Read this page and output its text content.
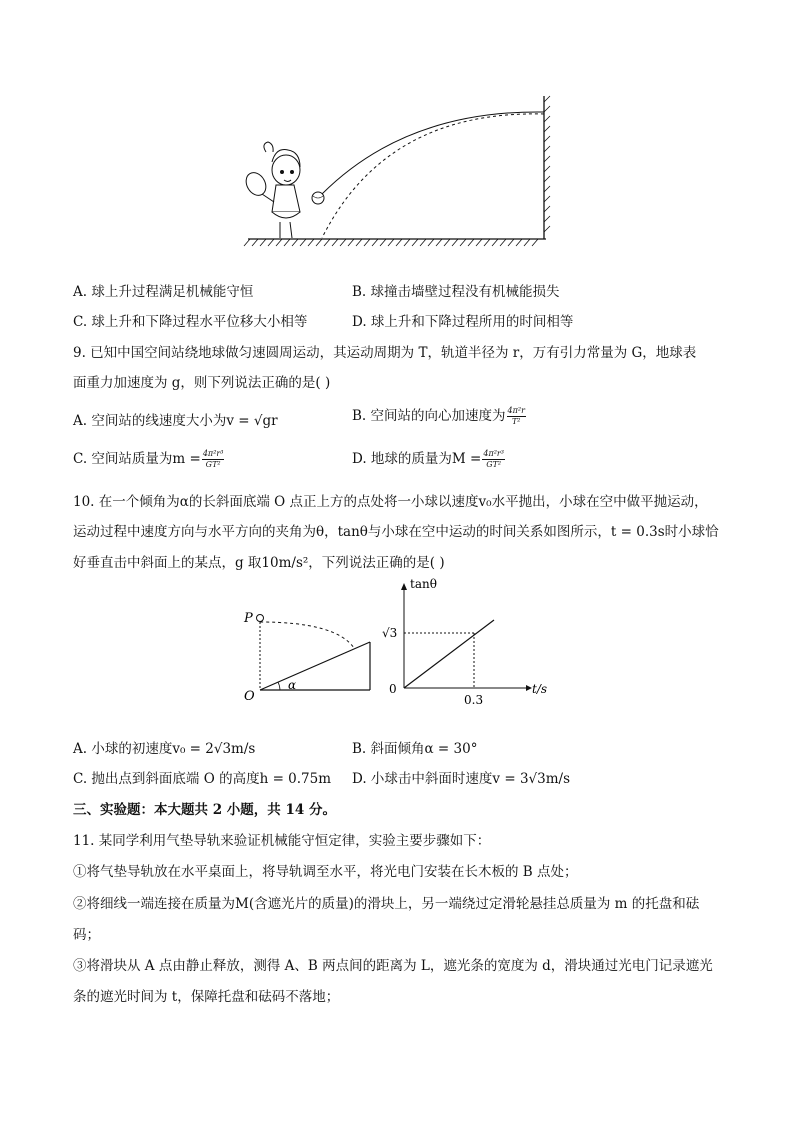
A. 球上升过程满足机械能守恒	B. 球撞击墙壁过程没有机械能损失
C. 球上升和下降过程水平位移大小相等	D. 球上升和下降过程所用的时间相等
9. 已知中国空间站绕地球做匀速圆周运动，其运动周期为 T，轨道半径为 r，万有引力常量为 G，地球表
面重力加速度为 g，则下列说法正确的是( )
A. 空间站的线速度大小为v = √gr	B. 空间站的向心加速度为 $\frac{\text{4π²r}}{\text{T²}}$
C. 空间站质量为$m = \frac{\text{4π²r³}}{\text{GT²}}$	D. 地球的质量为$M = \frac{\text{4π²r³}}{\text{GT²}}$
10. 在一个倾角为α的长斜面底端 O 点正上方的点处将一小球以速度v₀水平抛出，小球在空中做平抛运动，
运动过程中速度方向与水平方向的夹角为θ，tanθ与小球在空中运动的时间关系如图所示，t = 0.3s时小球恰
好垂直击中斜面上的某点，g 取10m/s²，下列说法正确的是( )
P
O
α
tanθ
t/s
0
√3
0.3
A. 小球的初速度v₀ = 2√3m/s	B. 斜面倾角α = 30°
C. 抛出点到斜面底端 O 的高度h = 0.75m D. 小球击中斜面时速度v = 3√3m/s
三、实验题：本大题共 2 小题，共 14 分。
11. 某同学利用气垫导轨来验证机械能守恒定律，实验主要步骤如下：
①将气垫导轨放在水平桌面上，将导轨调至水平，将光电门安装在长木板的 B 点处；
②将细线一端连接在质量为M(含遮光片的质量)的滑块上，另一端绕过定滑轮悬挂总质量为 m 的托盘和砝
码；
③将滑块从 A 点由静止释放，测得 A、B 两点间的距离为 L，遮光条的宽度为 d，滑块通过光电门记录遮光
条的遮光时间为 t，保障托盘和砝码不落地；
